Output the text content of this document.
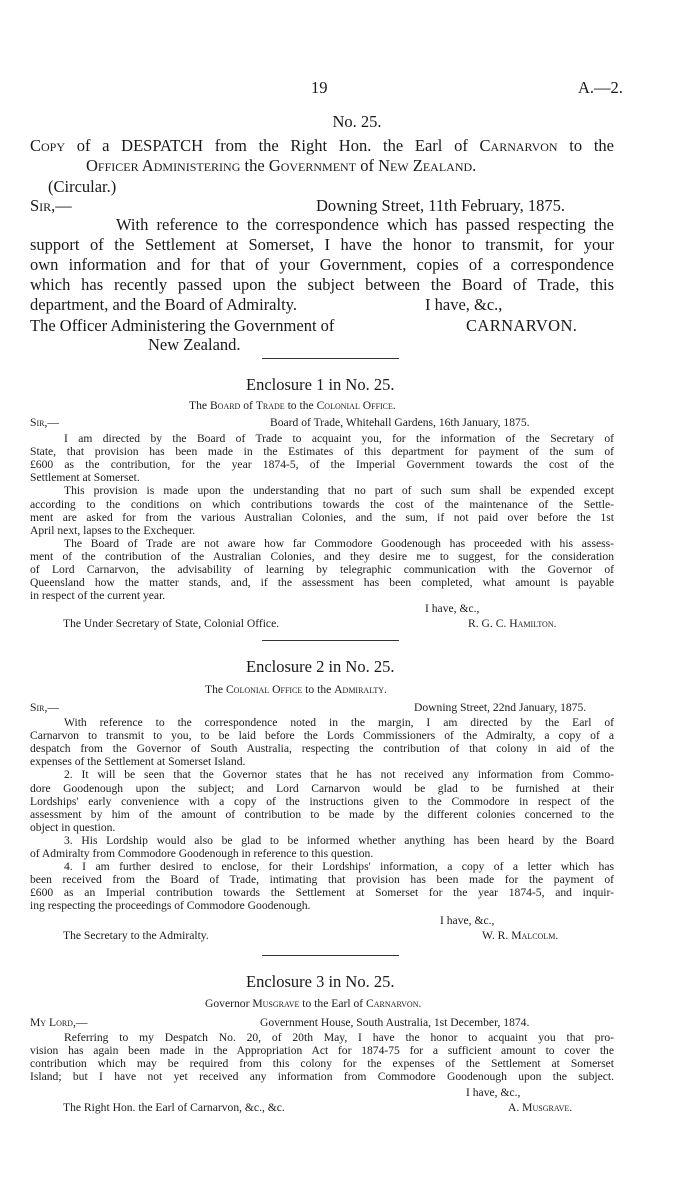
19	A.—2.
No. 25.
Copy of a DESPATCH from the Right Hon. the Earl of Carnarvon to the
Officer Administering the Government of New Zealand.
(Circular.)
Sir,—	Downing Street, 11th February, 1875.
With reference to the correspondence which has passed respecting the
support of the Settlement at Somerset, I have the honor to transmit, for your
own information and for that of your Government, copies of a correspondence
which has recently passed upon the subject between the Board of Trade, this
department, and the Board of Admiralty.	I have, &c.,
The Officer Administering the Government of	CARNARVON.
New Zealand.
Enclosure 1 in No. 25.
The Board of Trade to the Colonial Office.
Sir,—	Board of Trade, Whitehall Gardens, 16th January, 1875.
I am directed by the Board of Trade to acquaint you, for the information of the Secretary of
State, that provision has been made in the Estimates of this department for payment of the sum of
£600 as the contribution, for the year 1874-5, of the Imperial Government towards the cost of the
Settlement at Somerset.
This provision is made upon the understanding that no part of such sum shall be expended except
according to the conditions on which contributions towards the cost of the maintenance of the Settle-
ment are asked for from the various Australian Colonies, and the sum, if not paid over before the 1st
April next, lapses to the Exchequer.
The Board of Trade are not aware how far Commodore Goodenough has proceeded with his assess-
ment of the contribution of the Australian Colonies, and they desire me to suggest, for the consideration
of Lord Carnarvon, the advisability of learning by telegraphic communication with the Governor of
Queensland how the matter stands, and, if the assessment has been completed, what amount is payable
in respect of the current year.
I have, &c.,
The Under Secretary of State, Colonial Office.	R. G. C. Hamilton.
Enclosure 2 in No. 25.
The Colonial Office to the Admiralty.
Sir,—	Downing Street, 22nd January, 1875.
With reference to the correspondence noted in the margin, I am directed by the Earl of
Carnarvon to transmit to you, to be laid before the Lords Commissioners of the Admiralty, a copy of a
despatch from the Governor of South Australia, respecting the contribution of that colony in aid of the
expenses of the Settlement at Somerset Island.
2. It will be seen that the Governor states that he has not received any information from Commo-
dore Goodenough upon the subject; and Lord Carnarvon would be glad to be furnished at their
Lordships' early convenience with a copy of the instructions given to the Commodore in respect of the
assessment by him of the amount of contribution to be made by the different colonies concerned to the
object in question.
3. His Lordship would also be glad to be informed whether anything has been heard by the Board
of Admiralty from Commodore Goodenough in reference to this question.
4. I am further desired to enclose, for their Lordships' information, a copy of a letter which has
been received from the Board of Trade, intimating that provision has been made for the payment of
£600 as an Imperial contribution towards the Settlement at Somerset for the year 1874-5, and inquir-
ing respecting the proceedings of Commodore Goodenough.
I have, &c.,
The Secretary to the Admiralty.	W. R. Malcolm.
Enclosure 3 in No. 25.
Governor Musgrave to the Earl of Carnarvon.
My Lord,—	Government House, South Australia, 1st December, 1874.
Referring to my Despatch No. 20, of 20th May, I have the honor to acquaint you that pro-
vision has again been made in the Appropriation Act for 1874-75 for a sufficient amount to cover the
contribution which may be required from this colony for the expenses of the Settlement at Somerset
Island; but I have not yet received any information from Commodore Goodenough upon the subject.
I have, &c.,
The Right Hon. the Earl of Carnarvon, &c., &c.	A. Musgrave.
